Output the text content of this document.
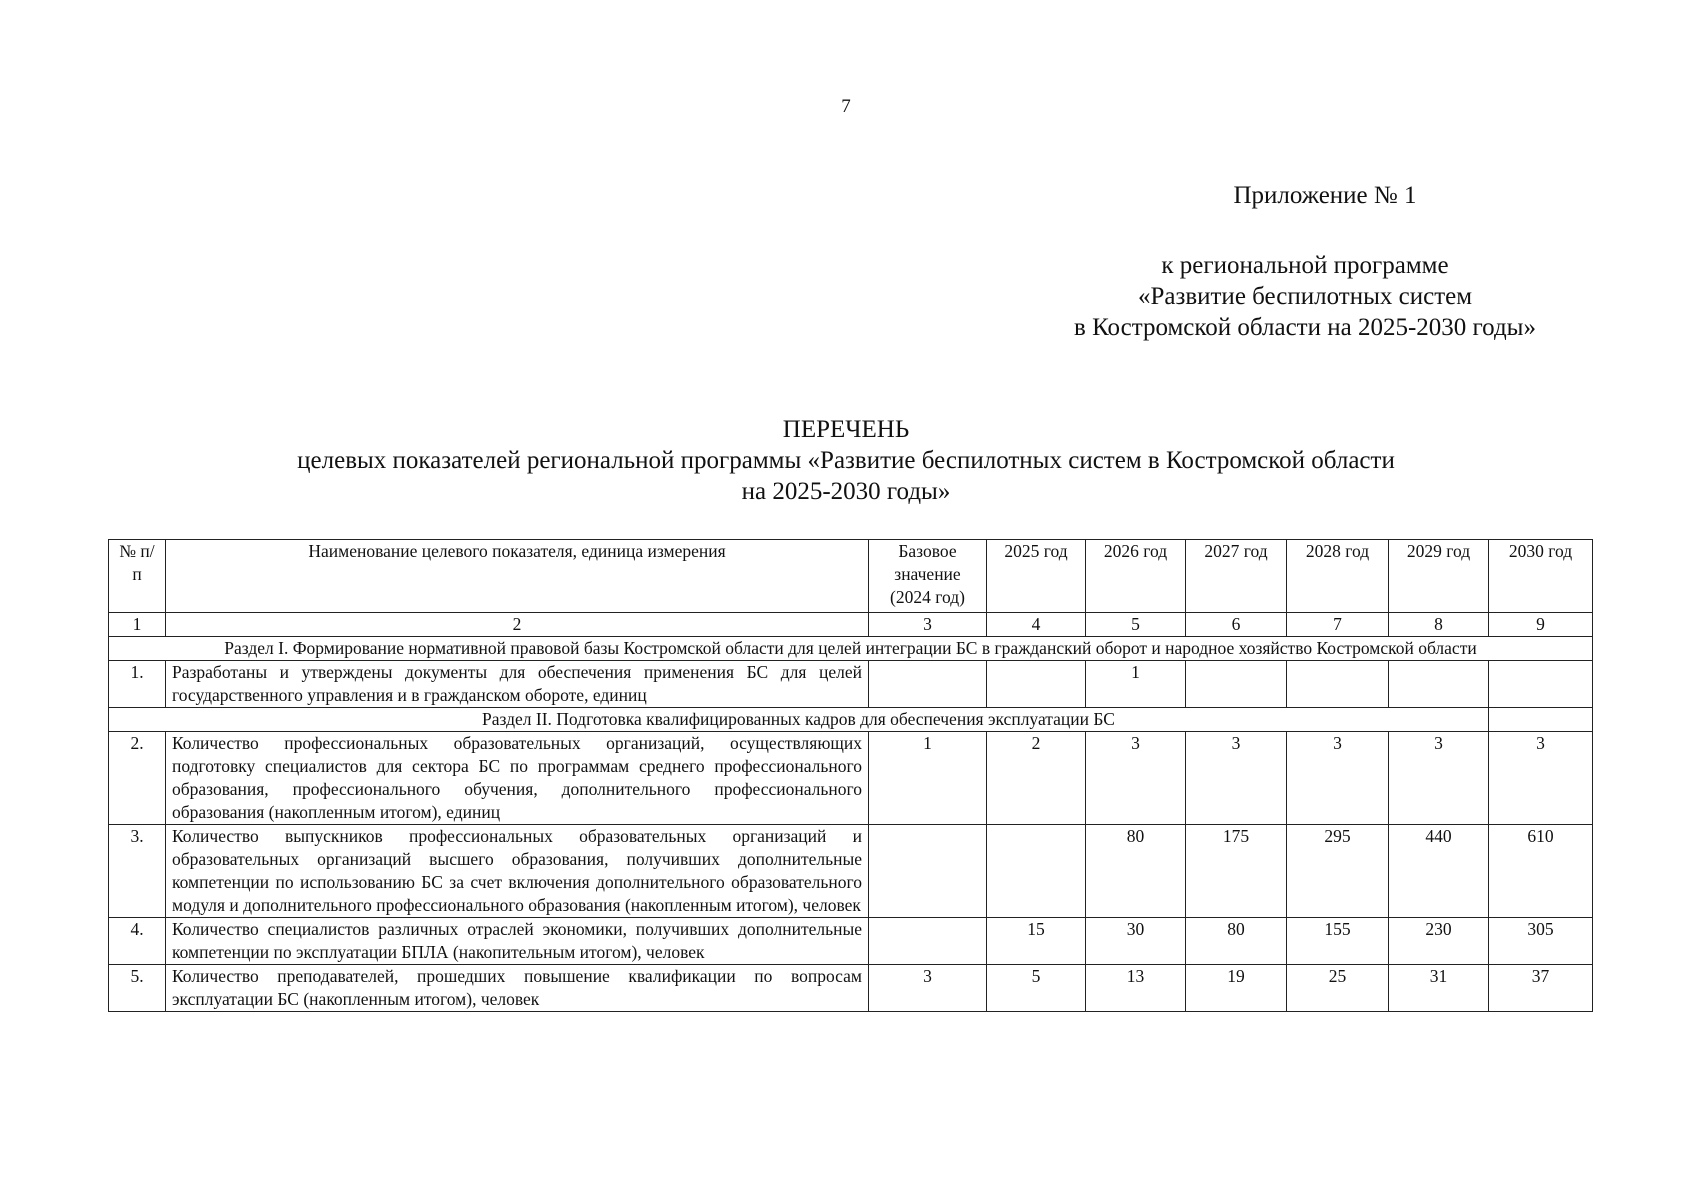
7
Приложение № 1
к региональной программе
«Развитие беспилотных систем
в Костромской области на 2025-2030 годы»
ПЕРЕЧЕНЬ
целевых показателей региональной программы «Развитие беспилотных систем в Костромской области
на 2025-2030 годы»
№ п/п	Наименование целевого показателя, единица измерения	Базовое значение (2024 год)	2025 год	2026 год	2027 год	2028 год	2029 год	2030 год
1	2	3	4	5	6	7	8	9
Раздел I. Формирование нормативной правовой базы Костромской области для целей интеграции БС в гражданский оборот и народное хозяйство Костромской области								
1.	Разработаны и утверждены документы для обеспечения применения БС для целей государственного управления и в гражданском обороте, единиц			1				
Раздел II. Подготовка квалифицированных кадров для обеспечения эксплуатации БС								
2.	Количество профессиональных образовательных организаций, осуществляющих подготовку специалистов для сектора БС по программам среднего профессионального образования, профессионального обучения, дополнительного профессионального образования (накопленным итогом), единиц	1	2	3	3	3	3	3
3.	Количество выпускников профессиональных образовательных организаций и образовательных организаций высшего образования, получивших дополнительные компетенции по использованию БС за счет включения дополнительного образовательного модуля и дополнительного профессионального образования (накопленным итогом), человек			80	175	295	440	610
4.	Количество специалистов различных отраслей экономики, получивших дополнительные компетенции по эксплуатации БПЛА (накопительным итогом), человек		15	30	80	155	230	305
5.	Количество преподавателей, прошедших повышение квалификации по вопросам эксплуатации БС (накопленным итогом), человек	3	5	13	19	25	31	37
